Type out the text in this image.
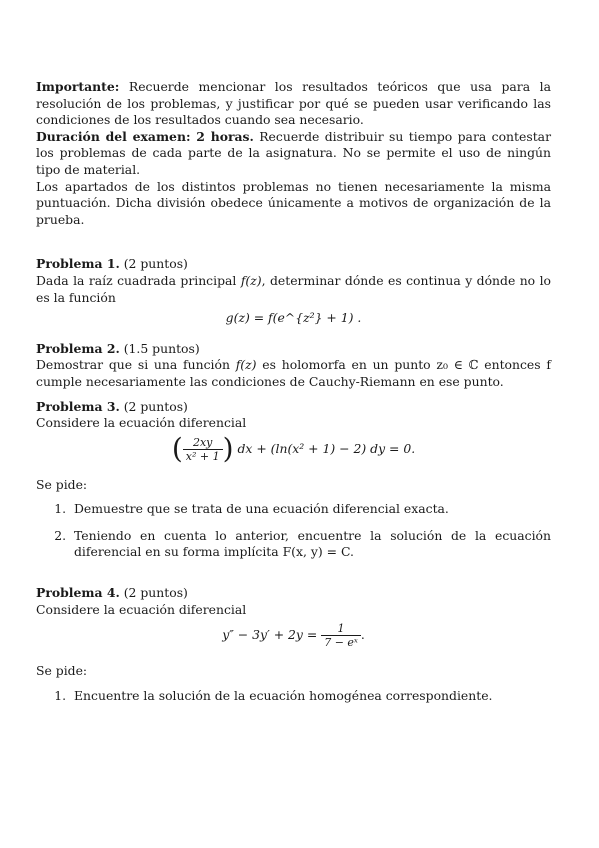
Importante: Recuerde mencionar los resultados teóricos que usa para la resolución de los problemas, y justificar por qué se pueden usar verificando las condiciones de los resultados cuando sea necesario.

Duración del examen: 2 horas. Recuerde distribuir su tiempo para contestar los problemas de cada parte de la asignatura. No se permite el uso de ningún tipo de material.

Los apartados de los distintos problemas no tienen necesariamente la misma puntuación. Dicha división obedece únicamente a motivos de organización de la prueba.

Problema 1. (2 puntos)

Dada la raíz cuadrada principal f(z), determinar dónde es continua y dónde no lo es la función

g(z) = f(e^{z²} + 1) .

Problema 2. (1.5 puntos)

Demostrar que si una función f(z) es holomorfa en un punto z₀ ∈ ℂ entonces f cumple necesariamente las condiciones de Cauchy-Riemann en ese punto.

Problema 3. (2 puntos)

Considere la ecuación diferencial

( $\frac{2xy}{\text{x² + 1}}$ ) dx + (ln(x² + 1) − 2) dy = 0.

Se pide:

1. Demuestre que se trata de una ecuación diferencial exacta.
2. Teniendo en cuenta lo anterior, encuentre la solución de la ecuación diferencial en su forma implícita F(x, y) = C.

Problema 4. (2 puntos)

Considere la ecuación diferencial

$y'' - 3y' + 2y = \frac{1}{\text{7 − eˣ}}$ .

Se pide:

1. Encuentre la solución de la ecuación homogénea correspondiente.
